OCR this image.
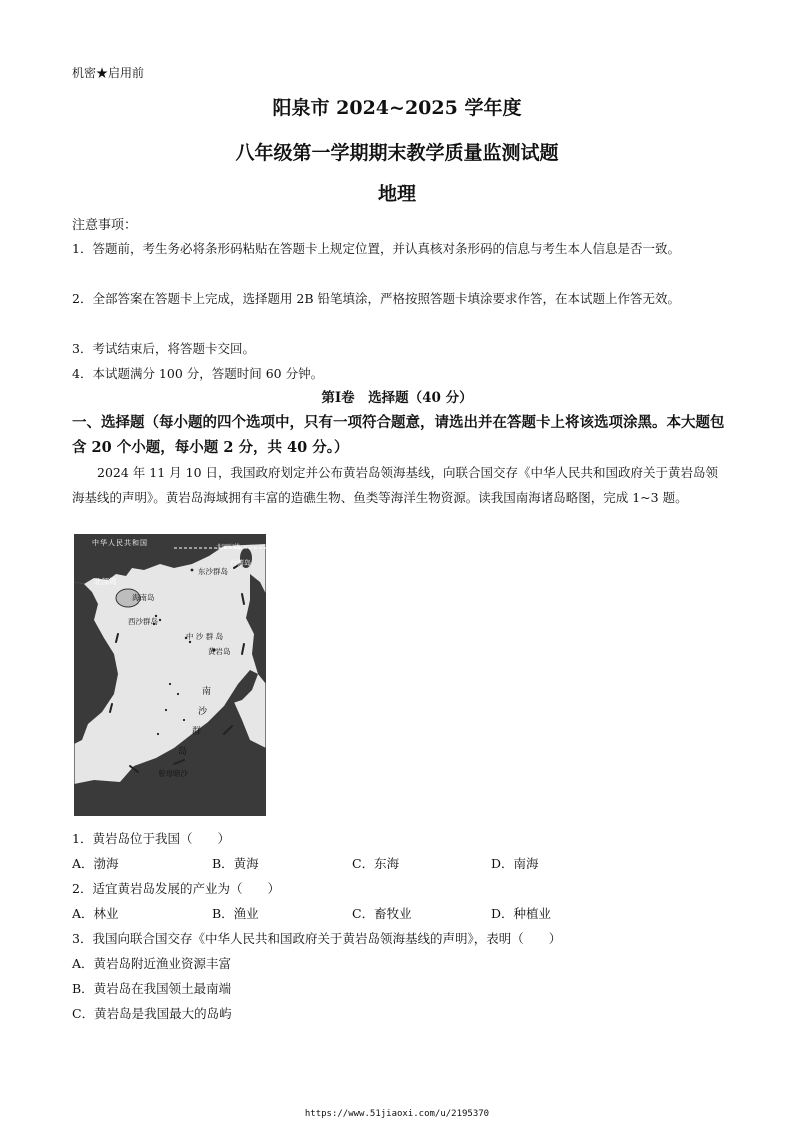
机密★启用前
阳泉市 2024~2025 学年度
八年级第一学期期末教学质量监测试题
地理
注意事项：
1．答题前，考生务必将条形码粘贴在答题卡上规定位置，并认真核对条形码的信息与考生本人信息是否一致。
2．全部答案在答题卡上完成，选择题用 2B 铅笔填涂，严格按照答题卡填涂要求作答，在本试题上作答无效。
3．考试结束后，将答题卡交回。
4．本试题满分 100 分，答题时间 60 分钟。
第Ⅰ卷　选择题（40 分）
一、选择题（每小题的四个选项中，只有一项符合题意，请选出并在答题卡上将该选项涂黑。本大题包含 20 个小题，每小题 2 分，共 40 分。）
2024 年 11 月 10 日，我国政府划定并公布黄岩岛领海基线，向联合国交存《中华人民共和国政府关于黄岩岛领海基线的声明》。黄岩岛海域拥有丰富的造礁生物、鱼类等海洋生物资源。读我国南海诸岛略图，完成 1~3 题。
中华人民共和国
北回归线
台湾岛
东沙群岛
北部湾
海南岛
西沙群岛
中 沙 群 岛
黄岩岛
南
沙
群
岛
曾母暗沙
1．黄岩岛位于我国（　　）
A．渤海	B．黄海	C．东海	D．南海
2．适宜黄岩岛发展的产业为（　　）
A．林业	B．渔业	C．畜牧业	D．种植业
3．我国向联合国交存《中华人民共和国政府关于黄岩岛领海基线的声明》，表明（　　）
A．黄岩岛附近渔业资源丰富
B．黄岩岛在我国领土最南端
C．黄岩岛是我国最大的岛屿
https://www.51jiaoxi.com/u/2195370
